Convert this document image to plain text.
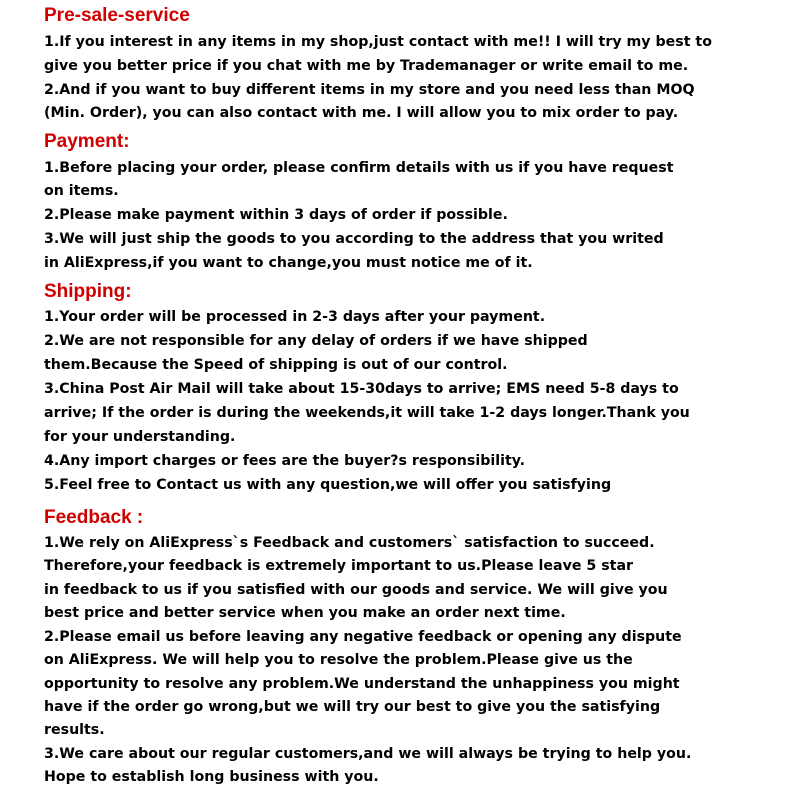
Pre-sale-service
1.If you interest in any items in my shop,just contact with me!! I will try my best to
give you better price if you chat with me by Trademanager or write email to me.
2.And if you want to buy different items in my store and you need less than MOQ
(Min. Order), you can also contact with me. I will allow you to mix order to pay.
Payment:
1.Before placing your order, please confirm details with us if you have request
on items.
2.Please make payment within 3 days of order if possible.
3.We will just ship the goods to you according to the address that you writed
in AliExpress,if you want to change,you must notice me of it.
Shipping:
1.Your order will be processed in 2-3 days after your payment.
2.We are not responsible for any delay of orders if we have shipped
them.Because the Speed of shipping is out of our control.
3.China Post Air Mail will take about 15-30days to arrive; EMS need 5-8 days to
arrive; If the order is during the weekends,it will take 1-2 days longer.Thank you
for your understanding.
4.Any import charges or fees are the buyer?s responsibility.
5.Feel free to Contact us with any question,we will offer you satisfying
Feedback :
1.We rely on AliExpress`s Feedback and customers` satisfaction to succeed.
Therefore,your feedback is extremely important to us.Please leave 5 star
in feedback to us if you satisfied with our goods and service. We will give you
best price and better service when you make an order next time.
2.Please email us before leaving any negative feedback or opening any dispute
on AliExpress. We will help you to resolve the problem.Please give us the
opportunity to resolve any problem.We understand the unhappiness you might
have if the order go wrong,but we will try our best to give you the satisfying
results.
3.We care about our regular customers,and we will always be trying to help you.
Hope to establish long business with you.
